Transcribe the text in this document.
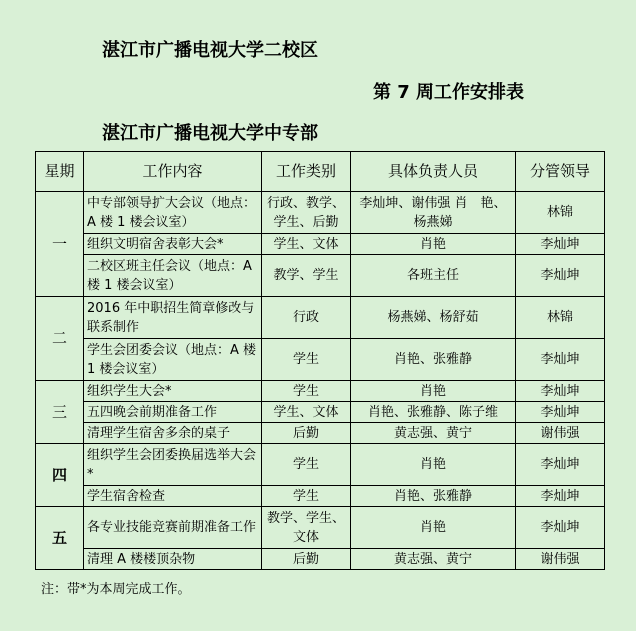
湛江市广播电视大学二校区
第 7 周工作安排表
湛江市广播电视大学中专部
星期	工作内容	工作类别	具体负责人员	分管领导
一	中专部领导扩大会议（地点：A 楼 1 楼会议室）	行政、教学、学生、后勤	李灿坤、谢伟强 肖　艳、杨燕娣	林锦
	组织文明宿舍表彰大会*	学生、文体	肖艳	李灿坤
	二校区班主任会议（地点：A 楼 1 楼会议室）	教学、学生	各班主任	李灿坤
二	2016 年中职招生简章修改与联系制作	行政	杨燕娣、杨舒茹	林锦
	学生会团委会议（地点：A 楼 1 楼会议室）	学生	肖艳、张雅静	李灿坤
三	组织学生大会*	学生	肖艳	李灿坤
	五四晚会前期准备工作	学生、文体	肖艳、张雅静、陈子维	李灿坤
	清理学生宿舍多余的桌子	后勤	黄志强、黄宁	谢伟强
四	组织学生会团委换届选举大会*	学生	肖艳	李灿坤
	学生宿舍检查	学生	肖艳、张雅静	李灿坤
五	各专业技能竞赛前期准备工作	教学、学生、文体	肖艳	李灿坤
	清理 A 楼楼顶杂物	后勤	黄志强、黄宁	谢伟强
注：带*为本周完成工作。
